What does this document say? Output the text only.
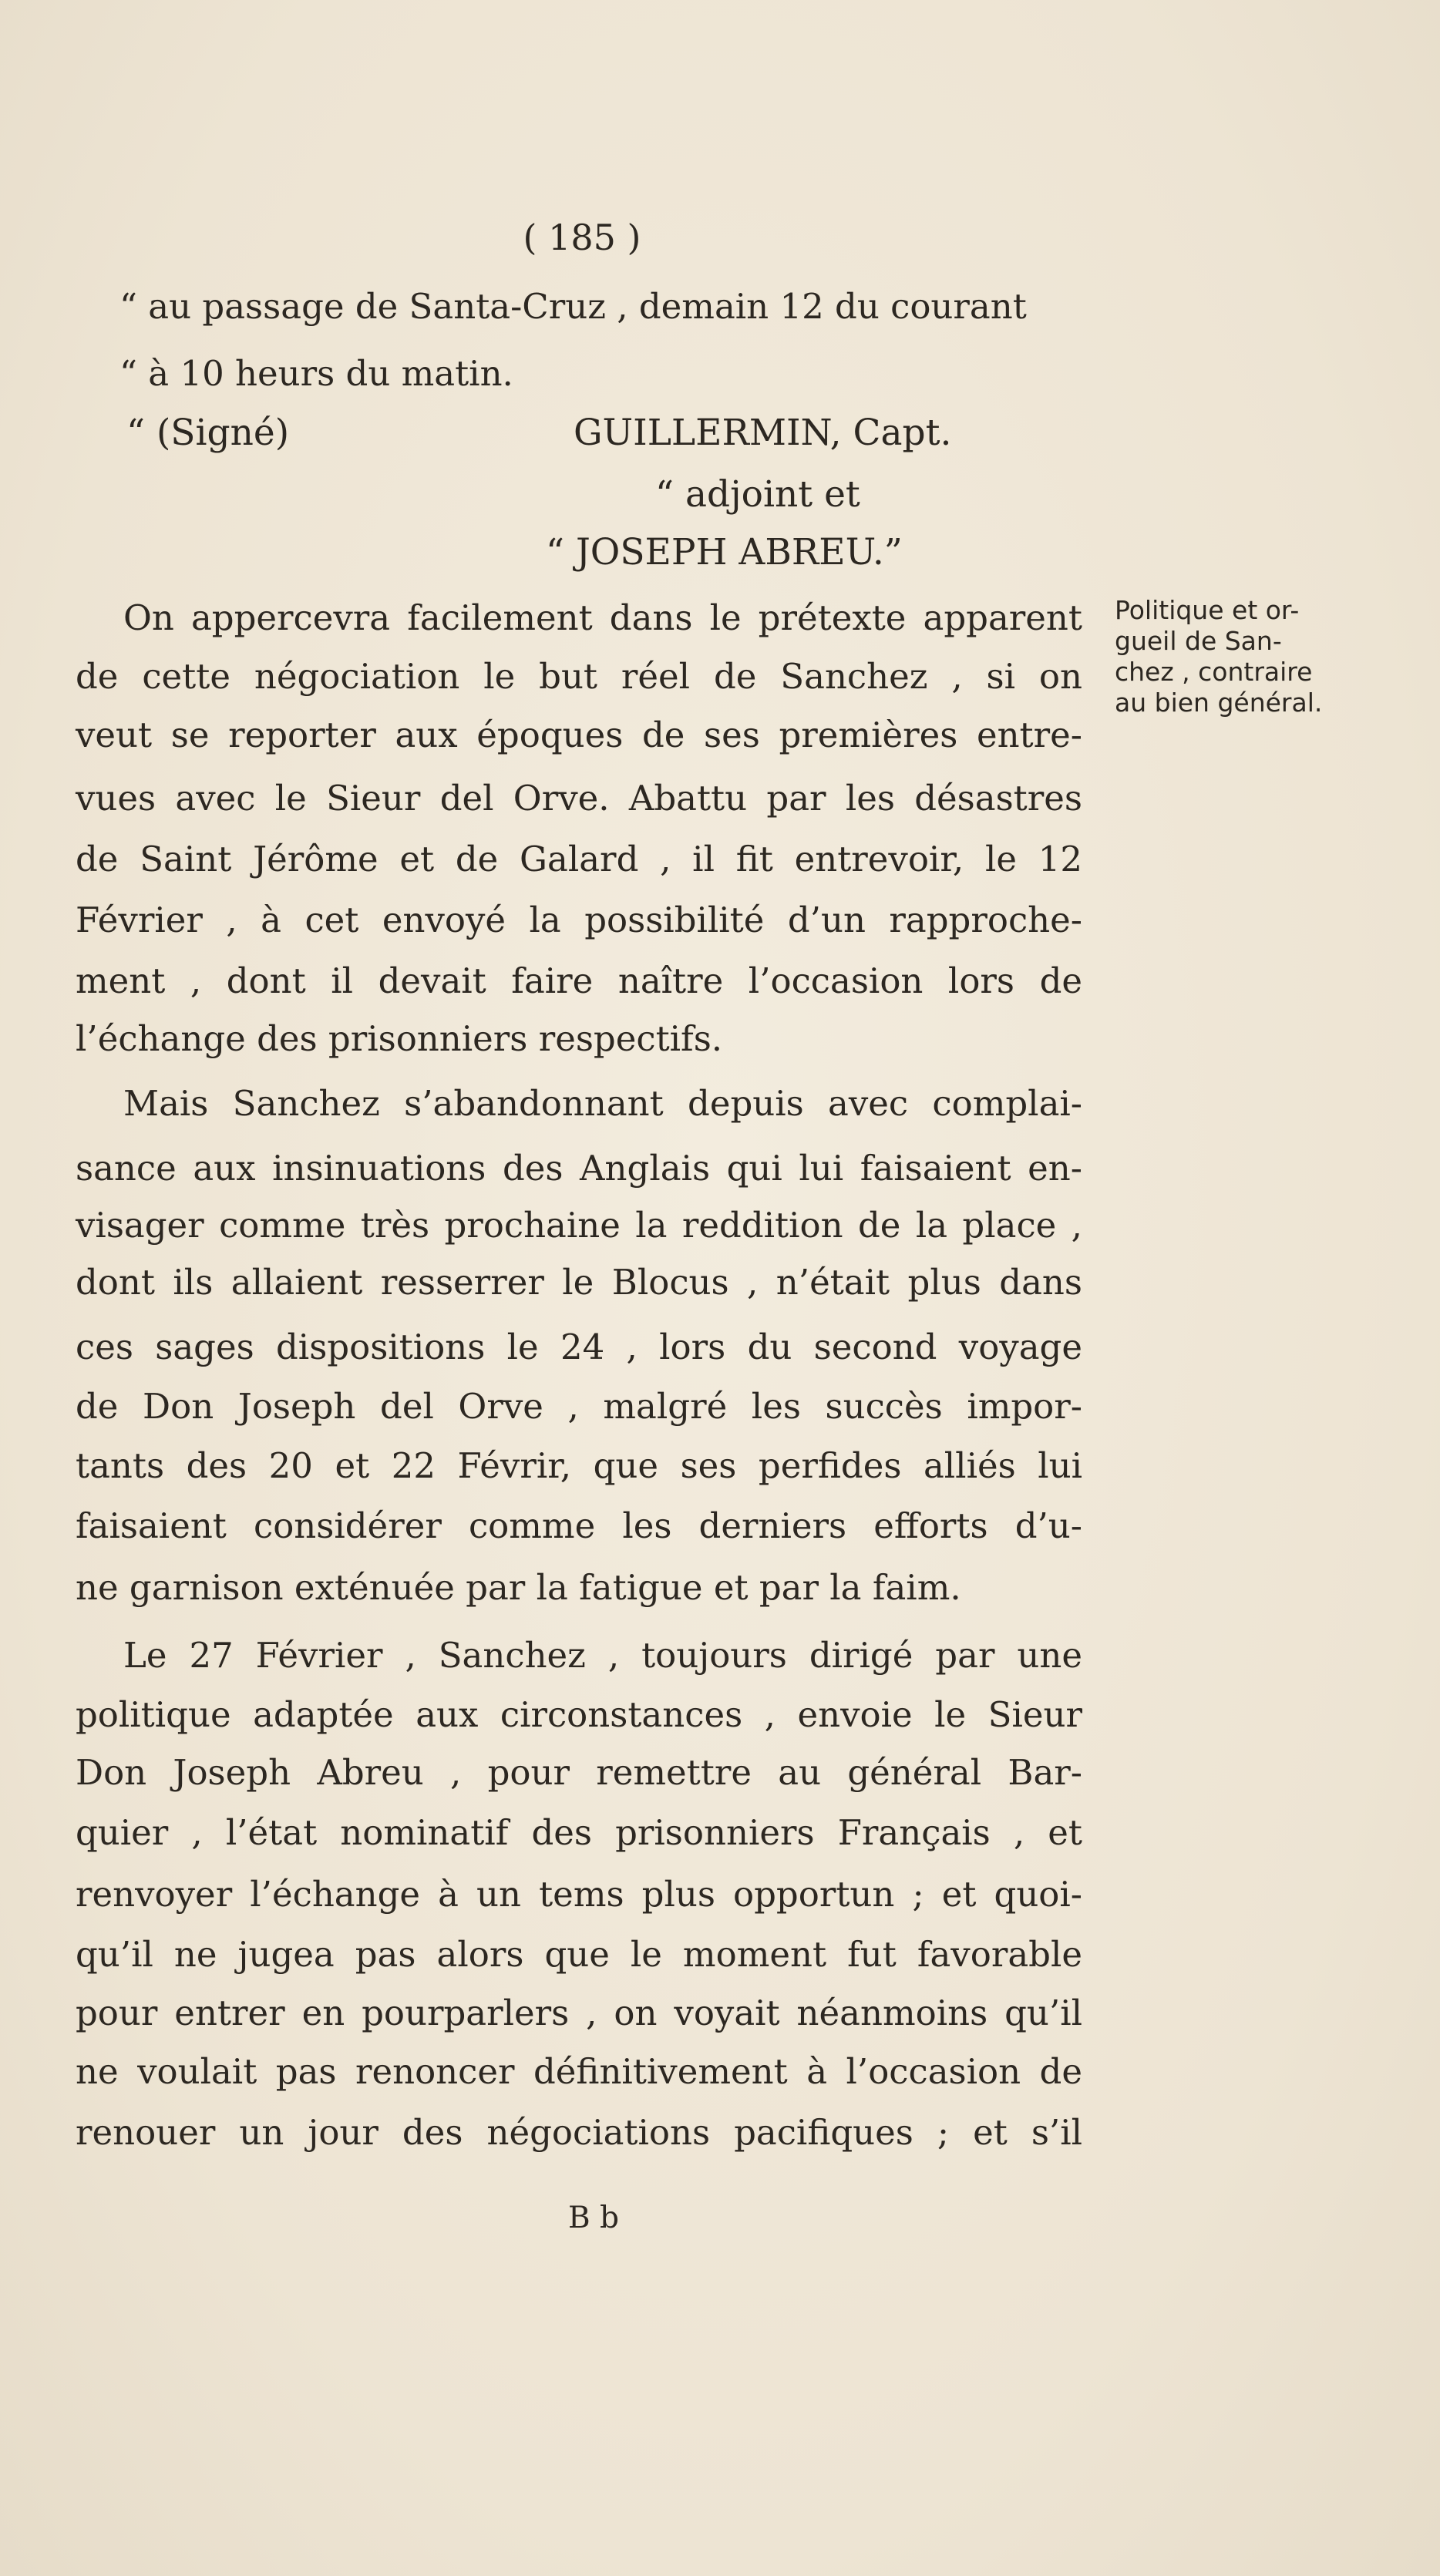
( 185 )
“ au passage de Santa-Cruz , demain 12 du courant
“ à 10 heurs du matin.
“ (Signé)	GUILLERMIN, Capt.
“ adjoint et
“ JOSEPH ABREU.”
On appercevra facilement dans le prétexte apparent
de cette négociation le but réel de Sanchez , si on
veut se reporter aux époques de ses premières entre-
vues avec le Sieur del Orve. Abattu par les désastres
de Saint Jérôme et de Galard , il fit entrevoir, le 12
Février , à cet envoyé la possibilité d’un rapproche-
ment , dont il devait faire naître l’occasion lors de
l’échange des prisonniers respectifs.
Mais Sanchez s’abandonnant depuis avec complai-
sance aux insinuations des Anglais qui lui faisaient en-
visager comme très prochaine la reddition de la place ,
dont ils allaient resserrer le Blocus , n’était plus dans
ces sages dispositions le 24 , lors du second voyage
de Don Joseph del Orve , malgré les succès impor-
tants des 20 et 22 Févrir, que ses perfides alliés lui
faisaient considérer comme les derniers efforts d’u-
ne garnison exténuée par la fatigue et par la faim.
Le 27 Février , Sanchez , toujours dirigé par une
politique adaptée aux circonstances , envoie le Sieur
Don Joseph Abreu , pour remettre au général Bar-
quier , l’état nominatif des prisonniers Français , et
renvoyer l’échange à un tems plus opportun ; et quoi-
qu’il ne jugea pas alors que le moment fut favorable
pour entrer en pourparlers , on voyait néanmoins qu’il
ne voulait pas renoncer définitivement à l’occasion de
renouer un jour des négociations pacifiques ; et s’il
Politique et or-
gueil de San-
chez , contraire
au bien général.
B b
